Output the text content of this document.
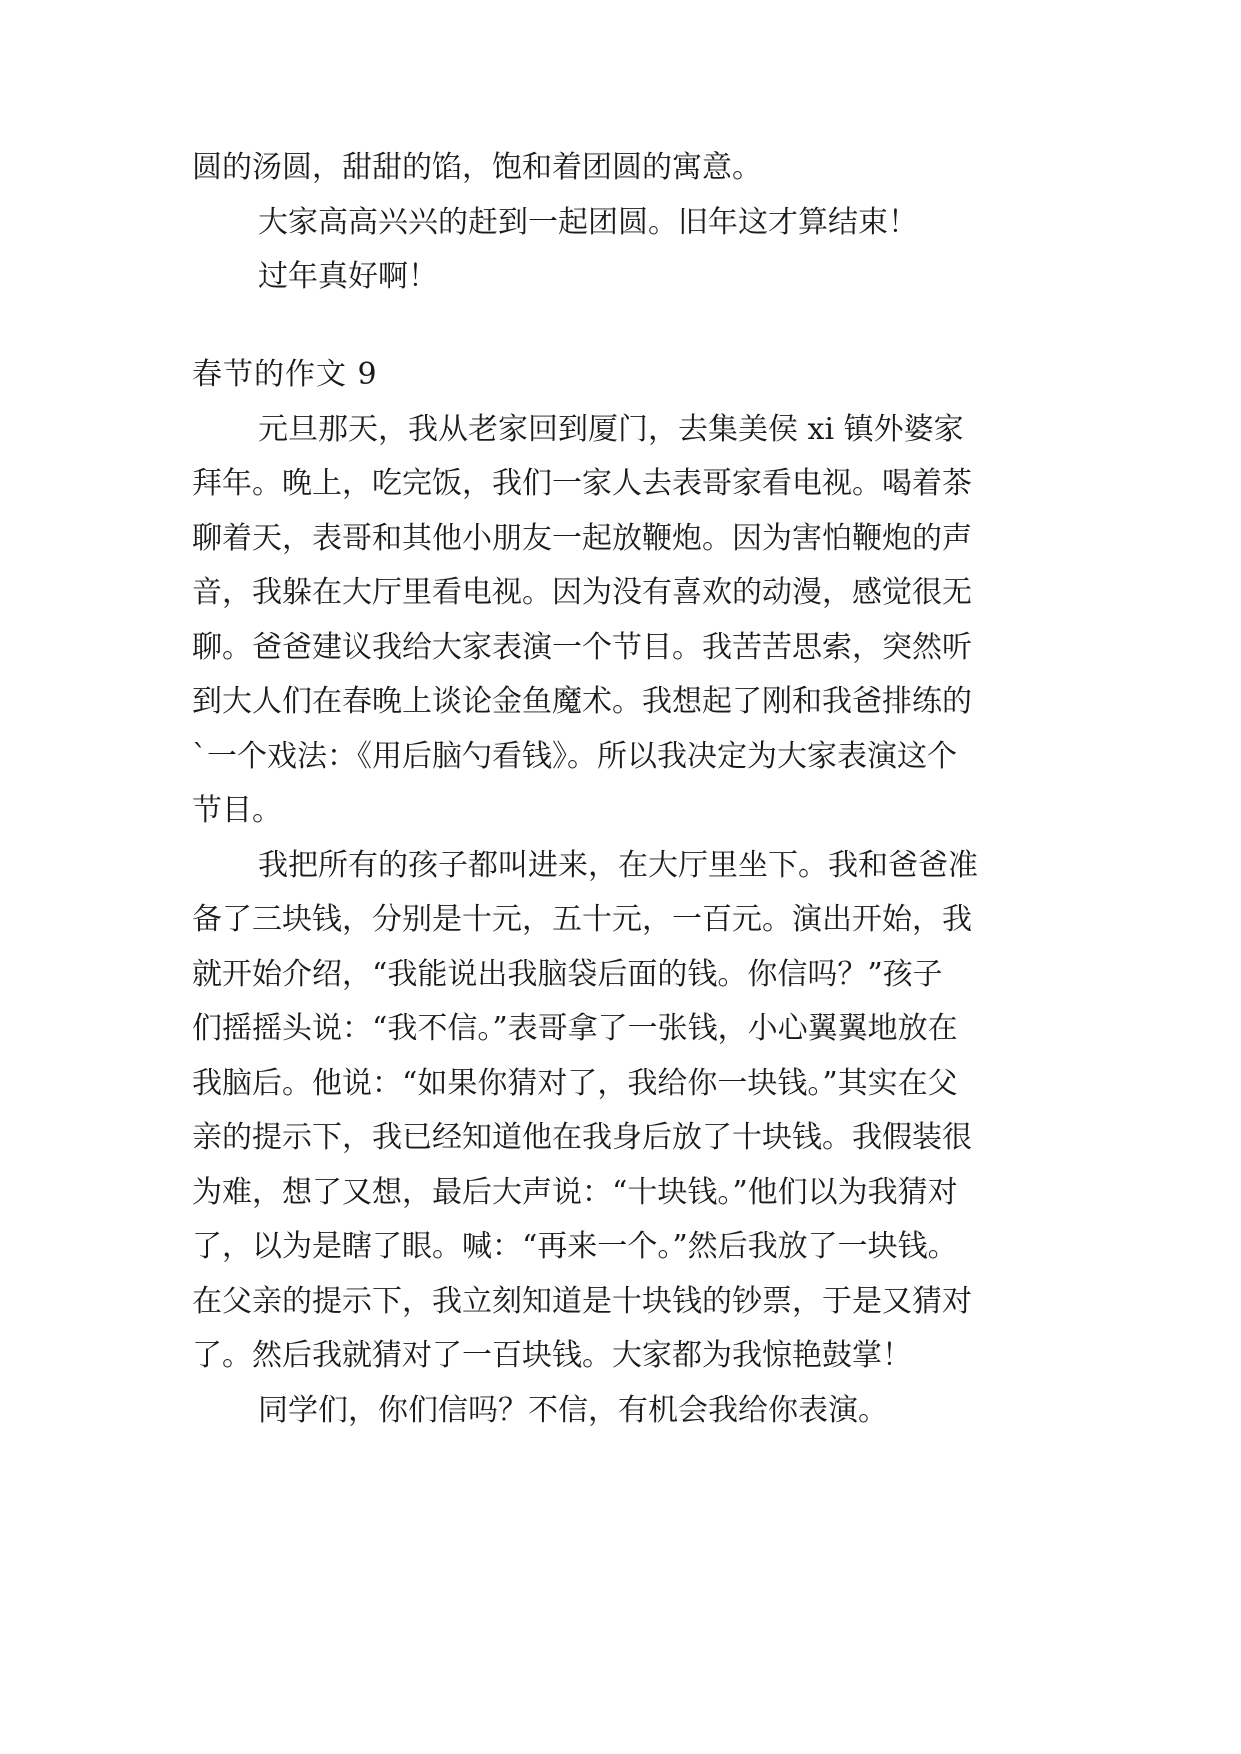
圆的汤圆，甜甜的馅，饱和着团圆的寓意。
大家高高兴兴的赶到一起团圆。旧年这才算结束！
过年真好啊！
春节的作文 9
元旦那天，我从老家回到厦门，去集美侯 xi 镇外婆家
拜年。晚上，吃完饭，我们一家人去表哥家看电视。喝着茶
聊着天，表哥和其他小朋友一起放鞭炮。因为害怕鞭炮的声
音，我躲在大厅里看电视。因为没有喜欢的动漫，感觉很无
聊。爸爸建议我给大家表演一个节目。我苦苦思索，突然听
到大人们在春晚上谈论金鱼魔术。我想起了刚和我爸排练的
`一个戏法：《用后脑勺看钱》。所以我决定为大家表演这个
节目。
我把所有的孩子都叫进来，在大厅里坐下。我和爸爸准
备了三块钱，分别是十元，五十元，一百元。演出开始，我
就开始介绍，“我能说出我脑袋后面的钱。你信吗？”孩子
们摇摇头说：“我不信。”表哥拿了一张钱，小心翼翼地放在
我脑后。他说：“如果你猜对了，我给你一块钱。”其实在父
亲的提示下，我已经知道他在我身后放了十块钱。我假装很
为难，想了又想，最后大声说：“十块钱。”他们以为我猜对
了，以为是瞎了眼。喊：“再来一个。”然后我放了一块钱。
在父亲的提示下，我立刻知道是十块钱的钞票，于是又猜对
了。然后我就猜对了一百块钱。大家都为我惊艳鼓掌！
同学们，你们信吗？不信，有机会我给你表演。
